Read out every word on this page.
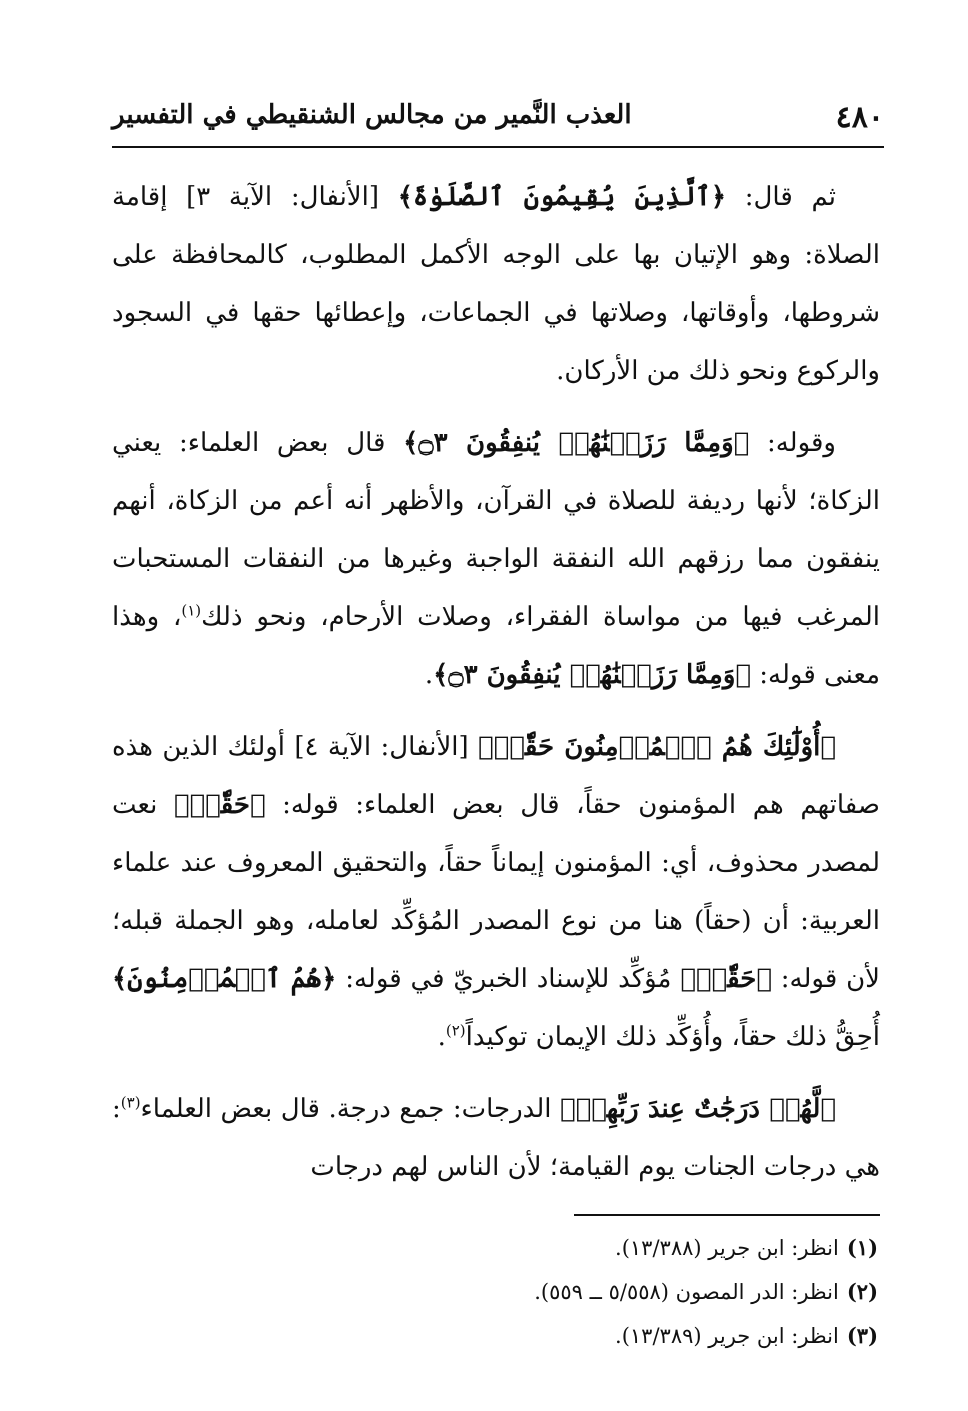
٤٨٠
العذب النَّمير من مجالس الشنقيطي في التفسير

ثم قال: ﴿ٱلَّذِينَ يُقِيمُونَ ٱلصَّلَوٰةَ﴾ [الأنفال: الآية ٣] إقامة الصلاة: وهو الإتيان بها على الوجه الأكمل المطلوب، كالمحافظة على شروطها، وأوقاتها، وصلاتها في الجماعات، وإعطائها حقها في السجود والركوع ونحو ذلك من الأركان.

وقوله: ﴿وَمِمَّا رَزَقۡنَٰهُمۡ يُنفِقُونَ ۝٣﴾ قال بعض العلماء: يعني الزكاة؛ لأنها رديفة للصلاة في القرآن، والأظهر أنه أعم من الزكاة، أنهم ينفقون مما رزقهم الله النفقة الواجبة وغيرها من النفقات المستحبات المرغب فيها من مواساة الفقراء، وصلات الأرحام، ونحو ذلك$^{(١)}$، وهذا معنى قوله: ﴿وَمِمَّا رَزَقۡنَٰهُمۡ يُنفِقُونَ ۝٣﴾.

﴿أُوْلَٰٓئِكَ هُمُ ٱلۡمُؤۡمِنُونَ حَقّٗاۚ﴾ [الأنفال: الآية ٤] أولئك الذين هذه صفاتهم هم المؤمنون حقاً، قال بعض العلماء: قوله: ﴿حَقّٗاۚ﴾ نعت لمصدر محذوف، أي: المؤمنون إيماناً حقاً، والتحقيق المعروف عند علماء العربية: أن (حقاً) هنا من نوع المصدر المُؤكِّد لعامله، وهو الجملة قبله؛ لأن قوله: ﴿حَقّٗاۚ﴾ مُؤكِّد للإسناد الخبريّ في قوله: ﴿هُمُ ٱلۡمُؤۡمِنُونَ﴾ أُحِقُّ ذلك حقاً، وأُؤكِّد ذلك الإيمان توكيداً$^{(٢)}$.

﴿لَّهُمۡ دَرَجَٰتٌ عِندَ رَبِّهِمۡ﴾ الدرجات: جمع درجة. قال بعض العلماء$^{(٣)}$: هي درجات الجنات يوم القيامة؛ لأن الناس لهم درجات

(١)انظر: ابن جرير (١٣/٣٨٨).

(٢)انظر: الدر المصون (٥/٥٥٨ ــ ٥٥٩).

(٣)انظر: ابن جرير (١٣/٣٨٩).
